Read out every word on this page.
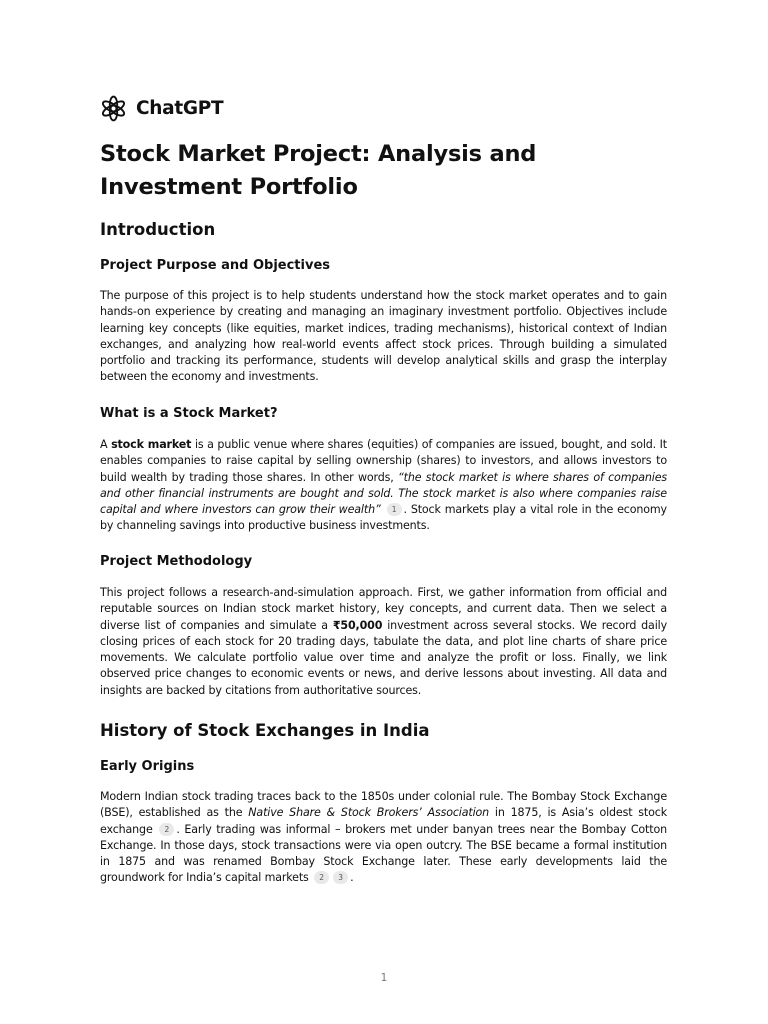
ChatGPT
Stock Market Project: Analysis and Investment Portfolio
Introduction
Project Purpose and Objectives

The purpose of this project is to help students understand how the stock market operates and to gain hands-on experience by creating and managing an imaginary investment portfolio. Objectives include learning key concepts (like equities, market indices, trading mechanisms), historical context of Indian exchanges, and analyzing how real-world events affect stock prices. Through building a simulated portfolio and tracking its performance, students will develop analytical skills and grasp the interplay between the economy and investments.

What is a Stock Market?

A stock market is a public venue where shares (equities) of companies are issued, bought, and sold. It enables companies to raise capital by selling ownership (shares) to investors, and allows investors to build wealth by trading those shares. In other words, “the stock market is where shares of companies and other financial instruments are bought and sold. The stock market is also where companies raise capital and where investors can grow their wealth” 1 . Stock markets play a vital role in the economy by channeling savings into productive business investments.

Project Methodology

This project follows a research-and-simulation approach. First, we gather information from official and reputable sources on Indian stock market history, key concepts, and current data. Then we select a diverse list of companies and simulate a ₹50,000 investment across several stocks. We record daily closing prices of each stock for 20 trading days, tabulate the data, and plot line charts of share price movements. We calculate portfolio value over time and analyze the profit or loss. Finally, we link observed price changes to economic events or news, and derive lessons about investing. All data and insights are backed by citations from authoritative sources.

History of Stock Exchanges in India
Early Origins

Modern Indian stock trading traces back to the 1850s under colonial rule. The Bombay Stock Exchange (BSE), established as the Native Share & Stock Brokers’ Association in 1875, is Asia’s oldest stock exchange 2 . Early trading was informal – brokers met under banyan trees near the Bombay Cotton Exchange. In those days, stock transactions were via open outcry. The BSE became a formal institution in 1875 and was renamed Bombay Stock Exchange later. These early developments laid the groundwork for India’s capital markets 2 3 .

1
